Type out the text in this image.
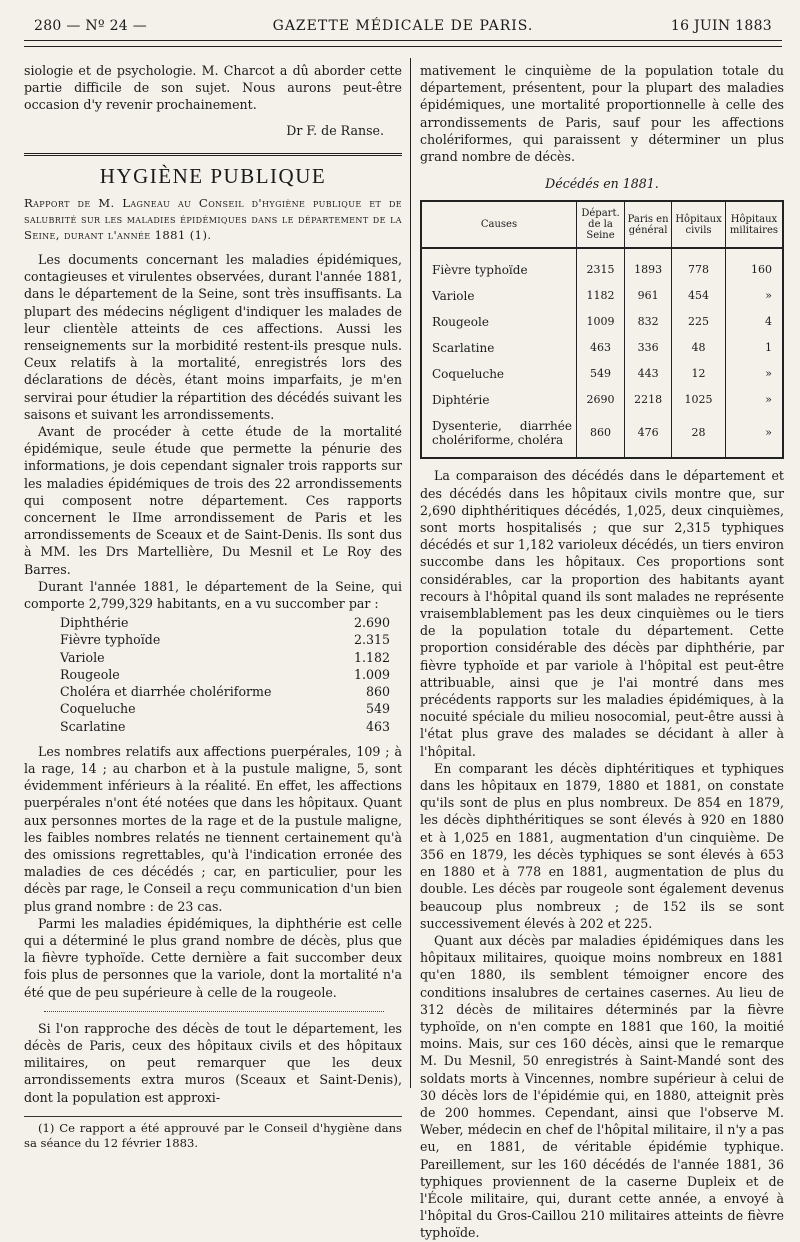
280 — Nº 24 —	GAZETTE MÉDICALE DE PARIS.	16 JUIN 1883

siologie et de psychologie. M. Charcot a dû aborder cette partie difficile de son sujet. Nous aurons peut-être occasion d'y revenir prochainement.

Dr F. de Ranse.
HYGIÈNE PUBLIQUE

Rapport de M. Lagneau au Conseil d'hygiène publique et de salubrité sur les maladies épidémiques dans le département de la Seine, durant l'année 1881 (1).

Les documents concernant les maladies épidémiques, contagieuses et virulentes observées, durant l'année 1881, dans le département de la Seine, sont très insuffisants. La plupart des médecins négligent d'indiquer les malades de leur clientèle atteints de ces affections. Aussi les renseignements sur la morbidité restent-ils presque nuls. Ceux relatifs à la mortalité, enregistrés lors des déclarations de décès, étant moins imparfaits, je m'en servirai pour étudier la répartition des décédés suivant les saisons et suivant les arrondissements.

Avant de procéder à cette étude de la mortalité épidémique, seule étude que permette la pénurie des informations, je dois cependant signaler trois rapports sur les maladies épidémiques de trois des 22 arrondissements qui composent notre département. Ces rapports concernent le IIme arrondissement de Paris et les arrondissements de Sceaux et de Saint-Denis. Ils sont dus à MM. les Drs Martellière, Du Mesnil et Le Roy des Barres.

Durant l'année 1881, le département de la Seine, qui comporte 2,799,329 habitants, en a vu succomber par :

Diphthérie	2.690
Fièvre typhoïde	2.315
Variole	1.182
Rougeole	1.009
Choléra et diarrhée cholériforme	860
Coqueluche	549
Scarlatine	463

Les nombres relatifs aux affections puerpérales, 109 ; à la rage, 14 ; au charbon et à la pustule maligne, 5, sont évidemment inférieurs à la réalité. En effet, les affections puerpérales n'ont été notées que dans les hôpitaux. Quant aux personnes mortes de la rage et de la pustule maligne, les faibles nombres relatés ne tiennent certainement qu'à des omissions regrettables, qu'à l'indication erronée des maladies de ces décédés ; car, en particulier, pour les décès par rage, le Conseil a reçu communication d'un bien plus grand nombre : de 23 cas.

Parmi les maladies épidémiques, la diphthérie est celle qui a déterminé le plus grand nombre de décès, plus que la fièvre typhoïde. Cette dernière a fait succomber deux fois plus de personnes que la variole, dont la mortalité n'a été que de peu supérieure à celle de la rougeole.

Si l'on rapproche des décès de tout le département, les décès de Paris, ceux des hôpitaux civils et des hôpitaux militaires, on peut remarquer que les deux arrondissements extra muros (Sceaux et Saint-Denis), dont la population est approxi-

(1) Ce rapport a été approuvé par le Conseil d'hygiène dans sa séance du 12 février 1883.

mativement le cinquième de la population totale du département, présentent, pour la plupart des maladies épidémiques, une mortalité proportionnelle à celle des arrondissements de Paris, sauf pour les affections cholériformes, qui paraissent y déterminer un plus grand nombre de décès.

Décédés en 1881.
Causes	Départ. de la Seine	Paris en général	Hôpitaux civils	Hôpitaux militaires
Fièvre typhoïde	2315	1893	778	160
Variole	1182	961	454	»
Rougeole	1009	832	225	4
Scarlatine	463	336	48	1
Coqueluche	549	443	12	»
Diphtérie	2690	2218	1025	»
Dysenterie, diarrhée cholériforme, choléra	860	476	28	»

La comparaison des décédés dans le département et des décédés dans les hôpitaux civils montre que, sur 2,690 diphthéritiques décédés, 1,025, deux cinquièmes, sont morts hospitalisés ; que sur 2,315 typhiques décédés et sur 1,182 varioleux décédés, un tiers environ succombe dans les hôpitaux. Ces proportions sont considérables, car la proportion des habitants ayant recours à l'hôpital quand ils sont malades ne représente vraisemblablement pas les deux cinquièmes ou le tiers de la population totale du département. Cette proportion considérable des décès par diphthérie, par fièvre typhoïde et par variole à l'hôpital est peut-être attribuable, ainsi que je l'ai montré dans mes précédents rapports sur les maladies épidémiques, à la nocuité spéciale du milieu nosocomial, peut-être aussi à l'état plus grave des malades se décidant à aller à l'hôpital.

En comparant les décès diphtéritiques et typhiques dans les hôpitaux en 1879, 1880 et 1881, on constate qu'ils sont de plus en plus nombreux. De 854 en 1879, les décès diphthéritiques se sont élevés à 920 en 1880 et à 1,025 en 1881, augmentation d'un cinquième. De 356 en 1879, les décès typhiques se sont élevés à 653 en 1880 et à 778 en 1881, augmentation de plus du double. Les décès par rougeole sont également devenus beaucoup plus nombreux ; de 152 ils se sont successivement élevés à 202 et 225.

Quant aux décès par maladies épidémiques dans les hôpitaux militaires, quoique moins nombreux en 1881 qu'en 1880, ils semblent témoigner encore des conditions insalubres de certaines casernes. Au lieu de 312 décès de militaires déterminés par la fièvre typhoïde, on n'en compte en 1881 que 160, la moitié moins. Mais, sur ces 160 décès, ainsi que le remarque M. Du Mesnil, 50 enregistrés à Saint-Mandé sont des soldats morts à Vincennes, nombre supérieur à celui de 30 décès lors de l'épidémie qui, en 1880, atteignit près de 200 hommes. Cependant, ainsi que l'observe M. Weber, médecin en chef de l'hôpital militaire, il n'y a pas eu, en 1881, de véritable épidémie typhique. Pareillement, sur les 160 décédés de l'année 1881, 36 typhiques proviennent de la caserne Dupleix et de l'École militaire, qui, durant cette année, a envoyé à l'hôpital du Gros-Caillou 210 militaires atteints de fièvre typhoïde.
